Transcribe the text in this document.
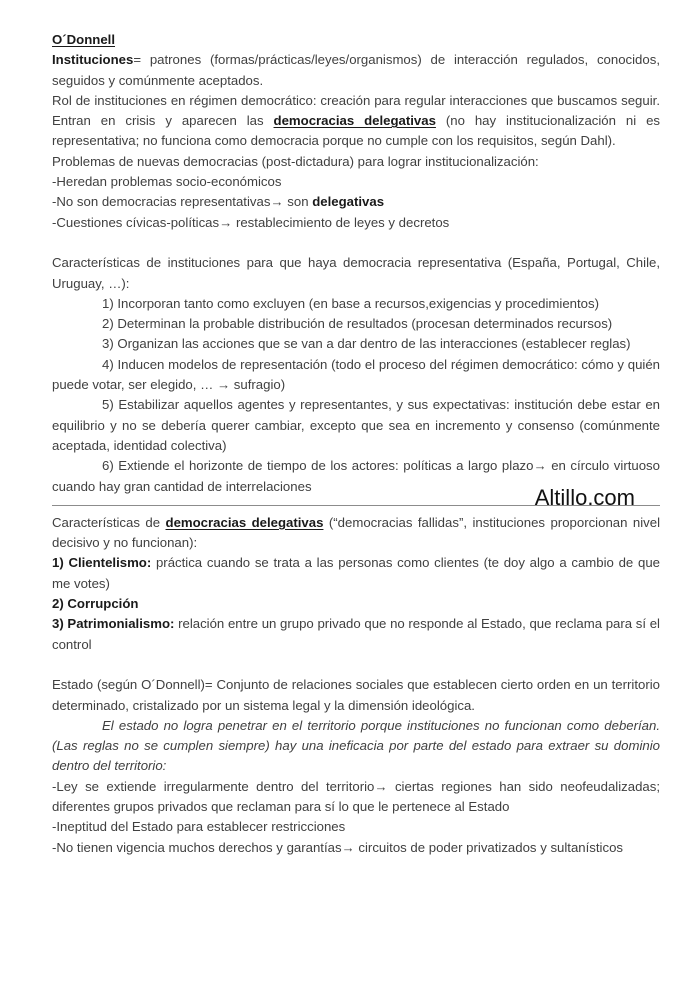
O´Donnell

Instituciones= patrones (formas/prácticas/leyes/organismos) de interacción regulados, conocidos, seguidos y comúnmente aceptados.

Rol de instituciones en régimen democrático: creación para regular interacciones que buscamos seguir. Entran en crisis y aparecen las democracias delegativas (no hay institucionalización ni es representativa; no funciona como democracia porque no cumple con los requisitos, según Dahl).

Problemas de nuevas democracias (post-dictadura) para lograr institucionalización:

-Heredan problemas socio-económicos

-No son democracias representativas→ son delegativas

-Cuestiones cívicas-políticas→ restablecimiento de leyes y decretos

Características de instituciones para que haya democracia representativa (España, Portugal, Chile, Uruguay, …):

1) Incorporan tanto como excluyen (en base a recursos,exigencias y procedimientos)

2) Determinan la probable distribución de resultados (procesan determinados recursos)

3) Organizan las acciones que se van a dar dentro de las interacciones (establecer reglas)

4) Inducen modelos de representación (todo el proceso del régimen democrático: cómo y quién puede votar, ser elegido, … → sufragio)

5) Estabilizar aquellos agentes y representantes, y sus expectativas: institución debe estar en equilibrio y no se debería querer cambiar, excepto que sea en incremento y consenso (comúnmente aceptada, identidad colectiva)

6) Extiende el horizonte de tiempo de los actores: políticas a largo plazo→ en círculo virtuoso cuando hay gran cantidad de interrelaciones	Altillo.com

Características de democracias delegativas (“democracias fallidas”, instituciones proporcionan nivel decisivo y no funcionan):

1) Clientelismo: práctica cuando se trata a las personas como clientes (te doy algo a cambio de que me votes)

2) Corrupción

3) Patrimonialismo: relación entre un grupo privado que no responde al Estado, que reclama para sí el control

Estado (según O´Donnell)= Conjunto de relaciones sociales que establecen cierto orden en un territorio determinado, cristalizado por un sistema legal y la dimensión ideológica.

El estado no logra penetrar en el territorio porque instituciones no funcionan como deberían. (Las reglas no se cumplen siempre) hay una ineficacia por parte del estado para extraer su dominio dentro del territorio:

-Ley se extiende irregularmente dentro del territorio→ ciertas regiones han sido neofeudalizadas; diferentes grupos privados que reclaman para sí lo que le pertenece al Estado

-Ineptitud del Estado para establecer restricciones

-No tienen vigencia muchos derechos y garantías→ circuitos de poder privatizados y sultanísticos
